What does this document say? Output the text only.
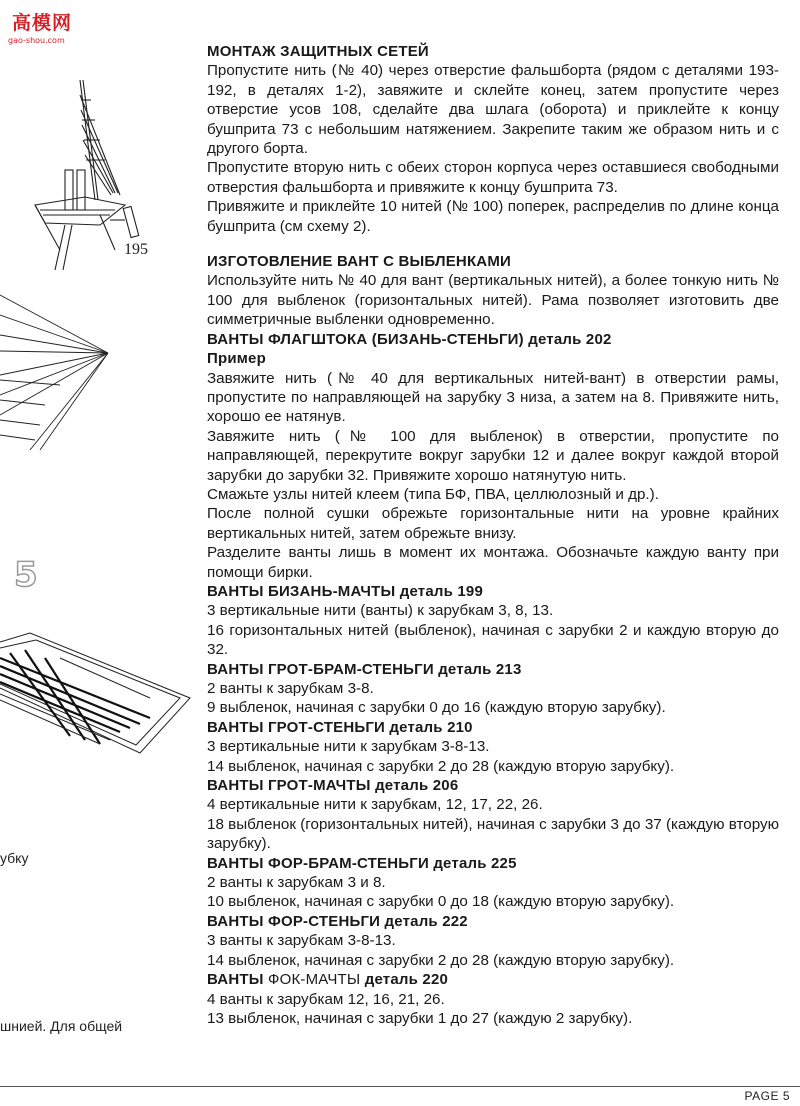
高模网
gao-shou.com
195
5
убку
шнией. Для общей
МОНТАЖ ЗАЩИТНЫХ СЕТЕЙ

Пропустите нить (№ 40) через отверстие фальшборта (рядом с деталями 193-192, в деталях 1-2), завяжите и склейте конец, затем пропустите через отверстие усов 108, сделайте два шлага (оборота) и приклейте к концу бушприта 73 с небольшим натяжением. Закрепите таким же образом нить и с другого борта.

Пропустите вторую нить с обеих сторон корпуса через оставшиеся свободными отверстия фальшборта и привяжите к концу бушприта 73.

Привяжите и приклейте 10 нитей (№ 100) поперек, распределив по длине конца бушприта (см схему 2).

ИЗГОТОВЛЕНИЕ ВАНТ С ВЫБЛЕНКАМИ

Используйте нить № 40 для вант (вертикальных нитей), а более тонкую нить № 100 для выбленок (горизонтальных нитей). Рама позволяет изготовить две симметричные выбленки одновременно.

ВАНТЫ ФЛАГШТОКА (БИЗАНЬ-СТЕНЬГИ) деталь 202
Пример

Завяжите нить (№ 40 для вертикальных нитей-вант) в отверстии рамы, пропустите по направляющей на зарубку 3 низа, а затем на 8. Привяжите нить, хорошо ее натянув.

Завяжите нить (№ 100 для выбленок) в отверстии, пропустите по направляющей, перекрутите вокруг зарубки 12 и далее вокруг каждой второй зарубки до зарубки 32. Привяжите хорошо натянутую нить.

Смажьте узлы нитей клеем (типа БФ, ПВА, целлюлозный и др.).

После полной сушки обрежьте горизонтальные нити на уровне крайних вертикальных нитей, затем обрежьте внизу.

Разделите ванты лишь в момент их монтажа. Обозначьте каждую ванту при помощи бирки.

ВАНТЫ БИЗАНЬ-МАЧТЫ деталь 199

3 вертикальные нити (ванты) к зарубкам 3, 8, 13.

16 горизонтальных нитей (выбленок), начиная с зарубки 2 и каждую вторую до 32.

ВАНТЫ ГРОТ-БРАМ-СТЕНЬГИ деталь 213

2 ванты к зарубкам 3-8.

9 выбленок, начиная с зарубки 0 до 16 (каждую вторую зарубку).

ВАНТЫ ГРОТ-СТЕНЬГИ деталь 210

3 вертикальные нити к зарубкам 3-8-13.

14 выбленок, начиная с зарубки 2 до 28 (каждую вторую зарубку).

ВАНТЫ ГРОТ-МАЧТЫ деталь 206

4 вертикальные нити к зарубкам, 12, 17, 22, 26.

18 выбленок (горизонтальных нитей), начиная с зарубки 3 до 37 (каждую вторую зарубку).

ВАНТЫ ФОР-БРАМ-СТЕНЬГИ деталь 225

2 ванты к зарубкам 3 и 8.

10 выбленок, начиная с зарубки 0 до 18 (каждую вторую зарубку).

ВАНТЫ ФОР-СТЕНЬГИ деталь 222

3 ванты к зарубкам 3-8-13.

14 выбленок, начиная с зарубки 2 до 28 (каждую вторую зарубку).

ВАНТЫ ФОК-МАЧТЫ деталь 220

4 ванты к зарубкам 12, 16, 21, 26.

13 выбленок, начиная с зарубки 1 до 27 (каждую 2 зарубку).

PAGE 5
